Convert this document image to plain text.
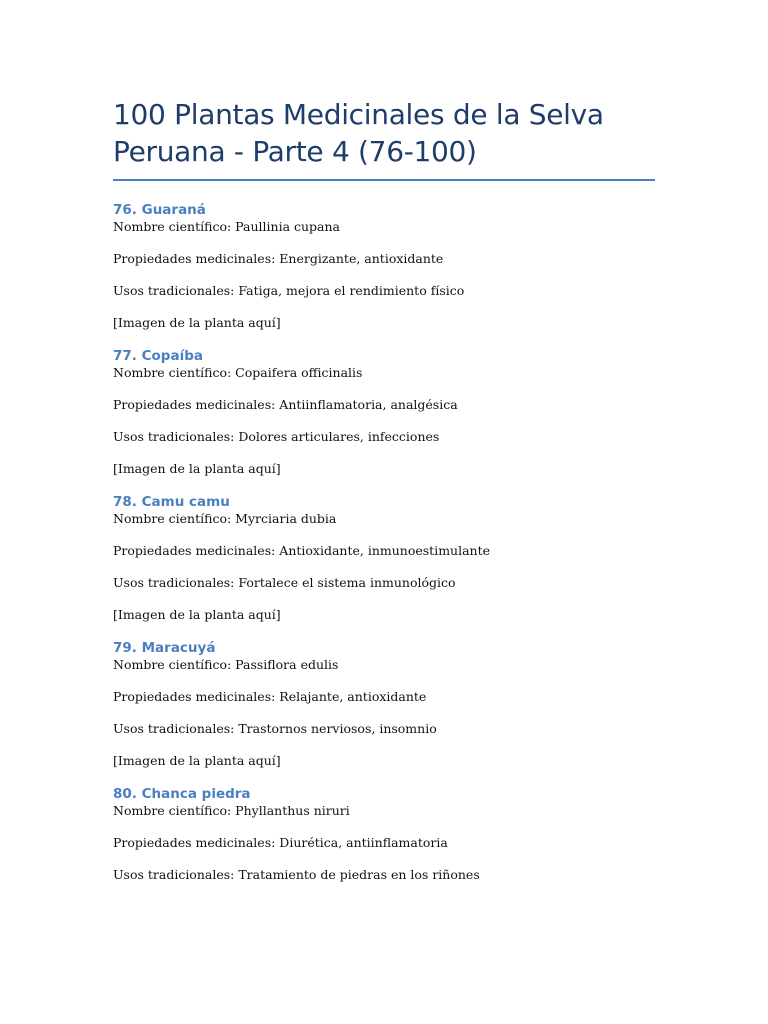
100 Plantas Medicinales de la Selva
Peruana - Parte 4 (76-100)
76. Guaraná
Nombre científico: Paullinia cupana
Propiedades medicinales: Energizante, antioxidante
Usos tradicionales: Fatiga, mejora el rendimiento físico
[Imagen de la planta aquí]
77. Copaíba
Nombre científico: Copaifera officinalis
Propiedades medicinales: Antiinflamatoria, analgésica
Usos tradicionales: Dolores articulares, infecciones
[Imagen de la planta aquí]
78. Camu camu
Nombre científico: Myrciaria dubia
Propiedades medicinales: Antioxidante, inmunoestimulante
Usos tradicionales: Fortalece el sistema inmunológico
[Imagen de la planta aquí]
79. Maracuyá
Nombre científico: Passiflora edulis
Propiedades medicinales: Relajante, antioxidante
Usos tradicionales: Trastornos nerviosos, insomnio
[Imagen de la planta aquí]
80. Chanca piedra
Nombre científico: Phyllanthus niruri
Propiedades medicinales: Diurética, antiinflamatoria
Usos tradicionales: Tratamiento de piedras en los riñones
